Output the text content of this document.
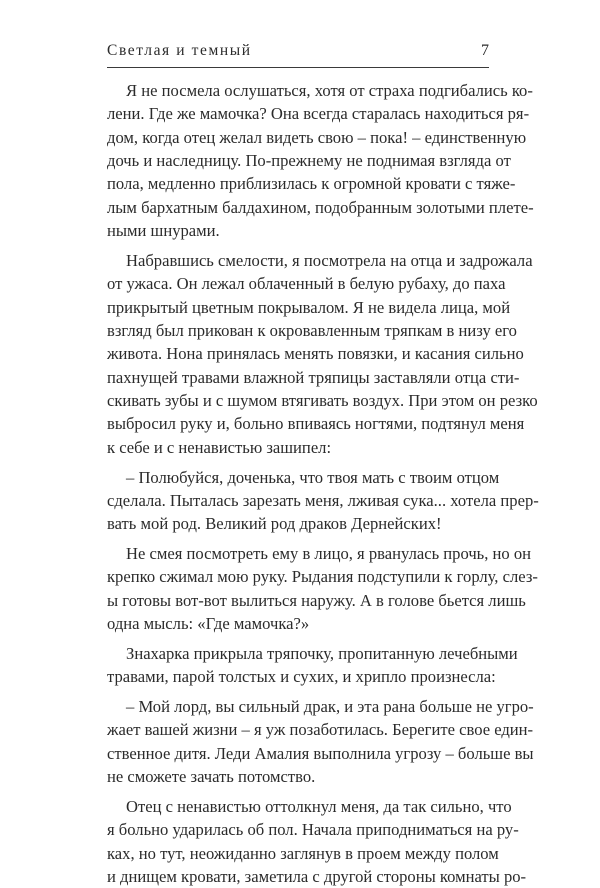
Светлая и темный	7
Я не посмела ослушаться, хотя от страха подгибались ко-
лени. Где же мамочка? Она всегда старалась находиться ря-
дом, когда отец желал видеть свою – пока! – единственную
дочь и наследницу. По-прежнему не поднимая взгляда от
пола, медленно приблизилась к огромной кровати с тяже-
лым бархатным балдахином, подобранным золотыми плете-
ными шнурами.
Набравшись смелости, я посмотрела на отца и задрожала
от ужаса. Он лежал облаченный в белую рубаху, до паха
прикрытый цветным покрывалом. Я не видела лица, мой
взгляд был прикован к окровавленным тряпкам в низу его
живота. Нона принялась менять повязки, и касания сильно
пахнущей травами влажной тряпицы заставляли отца сти-
скивать зубы и с шумом втягивать воздух. При этом он резко
выбросил руку и, больно впиваясь ногтями, подтянул меня
к себе и с ненавистью зашипел:
– Полюбуйся, доченька, что твоя мать с твоим отцом
сделала. Пыталась зарезать меня, лживая сука... хотела прер-
вать мой род. Великий род драков Дернейских!
Не смея посмотреть ему в лицо, я рванулась прочь, но он
крепко сжимал мою руку. Рыдания подступили к горлу, слез-
ы готовы вот-вот вылиться наружу. А в голове бьется лишь
одна мысль: «Где мамочка?»
Знахарка прикрыла тряпочку, пропитанную лечебными
травами, парой толстых и сухих, и хрипло произнесла:
– Мой лорд, вы сильный драк, и эта рана больше не угро-
жает вашей жизни – я уж позаботилась. Берегите свое един-
ственное дитя. Леди Амалия выполнила угрозу – больше вы
не сможете зачать потомство.
Отец с ненавистью оттолкнул меня, да так сильно, что
я больно ударилась об пол. Начала приподниматься на ру-
ках, но тут, неожиданно заглянув в проем между полом
и днищем кровати, заметила с другой стороны комнаты ро-
